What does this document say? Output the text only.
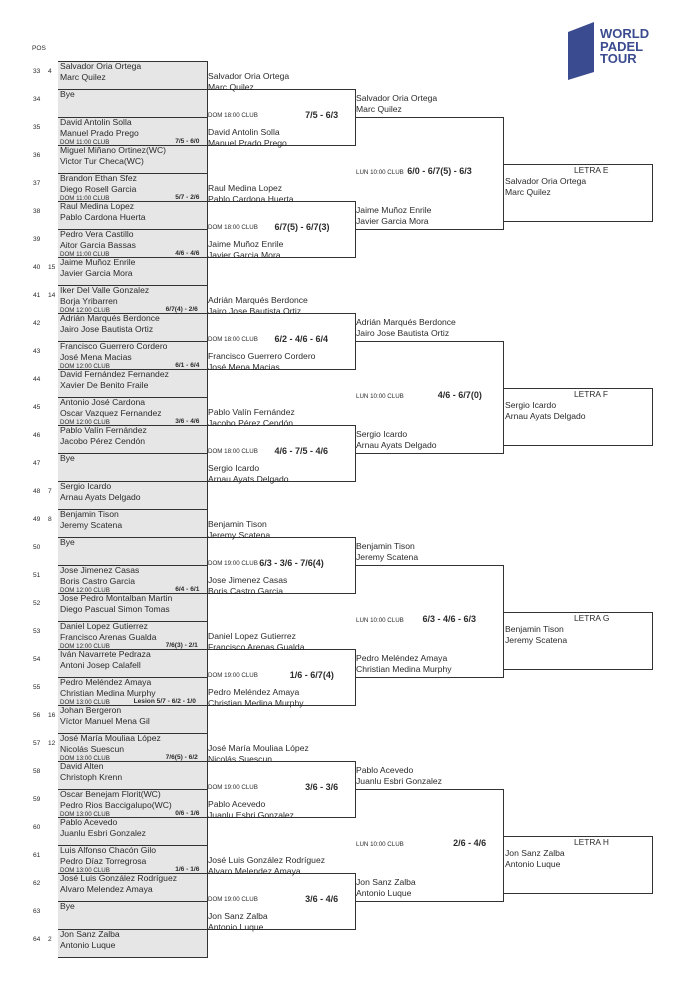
WORLD
PADEL
TOUR
POS
33 4
34
35
36
37
38
39
40 15
41 14
42
43
44
45
46
47
48 7
49 8
50
51
52
53
54
55
56 16
57 12
58
59
60
61
62
63
64 2
Salvador Oria Ortega
Marc Quilez
Bye
David Antolin Solla
Manuel Prado Prego
Miguel Miñano Ortinez(WC)
Victor Tur Checa(WC)
DOM 11:00 CLUB	7/5 - 6/0
Brandon Ethan Sfez
Diego Rosell Garcia
Raul Medina Lopez
Pablo Cardona Huerta
DOM 11:00 CLUB	5/7 - 2/6
Pedro Vera Castillo
Aitor Garcia Bassas
Jaime Muñoz Enrile
Javier Garcia Mora
DOM 11:00 CLUB	4/6 - 4/6
Iker Del Valle Gonzalez
Borja Yribarren
Adrián Marqués Berdonce
Jairo Jose Bautista Ortiz
DOM 12:00 CLUB	6/7(4) - 2/6
Francisco Guerrero Cordero
José Mena Macias
David Fernández Fernandez
Xavier De Benito Fraile
DOM 12:00 CLUB	6/1 - 6/4
Antonio José Cardona
Oscar Vazquez Fernandez
Pablo Valín Fernández
Jacobo Pérez Cendón
DOM 12:00 CLUB	3/6 - 4/6
Bye
Sergio Icardo
Arnau Ayats Delgado
Benjamin Tison
Jeremy Scatena
Bye
Jose Jimenez Casas
Boris Castro Garcia
Jose Pedro Montalban Martin
Diego Pascual Simon Tomas
DOM 12:00 CLUB	6/4 - 6/1
Daniel Lopez Gutierrez
Francisco Arenas Gualda
Iván Navarrete Pedraza
Antoni Josep Calafell
DOM 12:00 CLUB	7/6(3) - 2/1
Pedro Meléndez Amaya
Christian Medina Murphy
Johan Bergeron
Víctor Manuel Mena Gil
DOM 13:00 CLUB	Lesion 5/7 - 6/2 - 1/0
José María Mouliaa López
Nicolás Suescun
David Alten
Christoph Krenn
DOM 13:00 CLUB	7/6(5) - 6/2
Oscar Benejam Florit(WC)
Pedro Rios Baccigalupo(WC)
Pablo Acevedo
Juanlu Esbri Gonzalez
DOM 13:00 CLUB	0/6 - 1/6
Luis Alfonso Chacón Gilo
Pedro Díaz Torregrosa
José Luis González Rodríguez
Alvaro Melendez Amaya
DOM 13:00 CLUB	1/6 - 1/6
Bye
Jon Sanz Zalba
Antonio Luque
Salvador Oria Ortega
Marc Quilez
David Antolin Solla
Manuel Prado Prego
DOM 18:00 CLUB	7/5 - 6/3
Raul Medina Lopez
Pablo Cardona Huerta
Jaime Muñoz Enrile
Javier Garcia Mora
DOM 18:00 CLUB 6/7(5) - 6/7(3)
Adrián Marqués Berdonce
Jairo Jose Bautista Ortiz
Francisco Guerrero Cordero
José Mena Macias
DOM 18:00 CLUB 6/2 - 4/6 - 6/4
Pablo Valín Fernández
Jacobo Pérez Cendón
Sergio Icardo
Arnau Ayats Delgado
DOM 18:00 CLUB 4/6 - 7/5 - 4/6
Benjamin Tison
Jeremy Scatena
Jose Jimenez Casas
Boris Castro Garcia
DOM 19:00 CLUB 6/3 - 3/6 - 7/6(4)
Daniel Lopez Gutierrez
Francisco Arenas Gualda
Pedro Meléndez Amaya
Christian Medina Murphy
DOM 19:00 CLUB	1/6 - 6/7(4)
José María Mouliaa López
Nicolás Suescun
Pablo Acevedo
Juanlu Esbri Gonzalez
DOM 19:00 CLUB	3/6 - 3/6
José Luis González Rodríguez
Alvaro Melendez Amaya
Jon Sanz Zalba
Antonio Luque
DOM 19:00 CLUB	3/6 - 4/6
Salvador Oria Ortega
Marc Quilez
Jaime Muñoz Enrile
Javier Garcia Mora
LUN 10:00 CLUB 6/0 - 6/7(5) - 6/3
Adrián Marqués Berdonce
Jairo Jose Bautista Ortiz
Sergio Icardo
Arnau Ayats Delgado
LUN 10:00 CLUB	4/6 - 6/7(0)
Benjamin Tison
Jeremy Scatena
Pedro Meléndez Amaya
Christian Medina Murphy
LUN 10:00 CLUB 6/3 - 4/6 - 6/3
Pablo Acevedo
Juanlu Esbri Gonzalez
Jon Sanz Zalba
Antonio Luque
LUN 10:00 CLUB	2/6 - 4/6
LETRA E
Salvador Oria Ortega
Marc Quilez
LETRA F
Sergio Icardo
Arnau Ayats Delgado
LETRA G
Benjamin Tison
Jeremy Scatena
LETRA H
Jon Sanz Zalba
Antonio Luque
